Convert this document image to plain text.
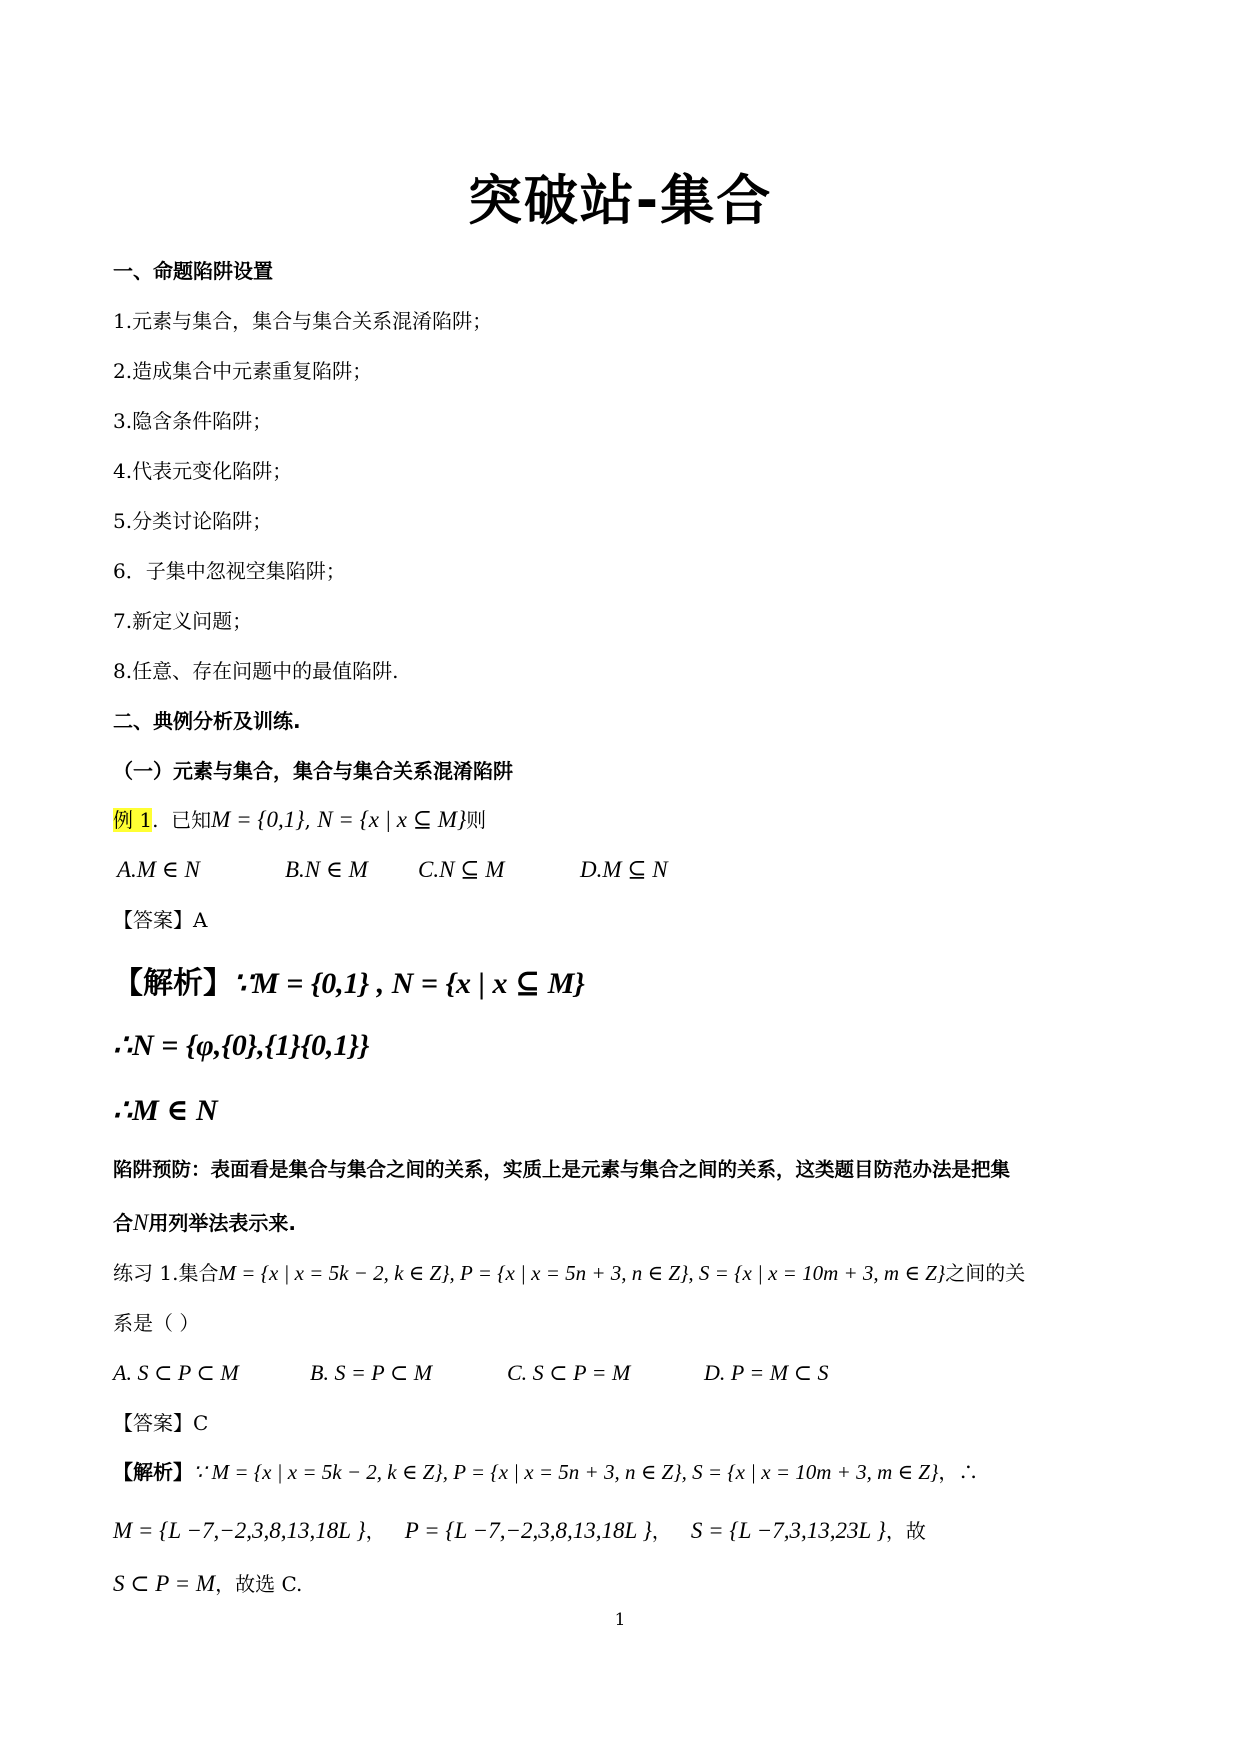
突破站-集合
一、命题陷阱设置
1.元素与集合，集合与集合关系混淆陷阱；
2.造成集合中元素重复陷阱；
3.隐含条件陷阱；
4.代表元变化陷阱；
5.分类讨论陷阱；
6．子集中忽视空集陷阱；
7.新定义问题；
8.任意、存在问题中的最值陷阱.
二、典例分析及训练.
（一）元素与集合，集合与集合关系混淆陷阱
例 1. 已知M = {0,1}, N = {x | x ⊆ M}则
A.M ∈ N	B.N ∈ M C.N ⊆ M	D.M ⊆ N
【答案】A
【解析】∵M = {0,1} , N = {x | x ⊆ M}
∴N = {φ,{0},{1}{0,1}}
∴M ∈ N
陷阱预防：表面看是集合与集合之间的关系，实质上是元素与集合之间的关系，这类题目防范办法是把集
合N用列举法表示来.
练习 1.集合M = {x | x = 5k − 2, k ∈ Z}, P = {x | x = 5n + 3, n ∈ Z}, S = {x | x = 10m + 3, m ∈ Z}之间的关
系是（ ）
A. S ⊂ P ⊂ M	B. S = P ⊂ M	C. S ⊂ P = M	D. P = M ⊂ S
【答案】C
【解析】∵ M = {x | x = 5k − 2, k ∈ Z}, P = {x | x = 5n + 3, n ∈ Z}, S = {x | x = 10m + 3, m ∈ Z}，∴
M = {L −7,−2,3,8,13,18L }， P = {L −7,−2,3,8,13,18L }， S = {L −7,3,13,23L }，故
S ⊂ P = M，故选 C.
1
